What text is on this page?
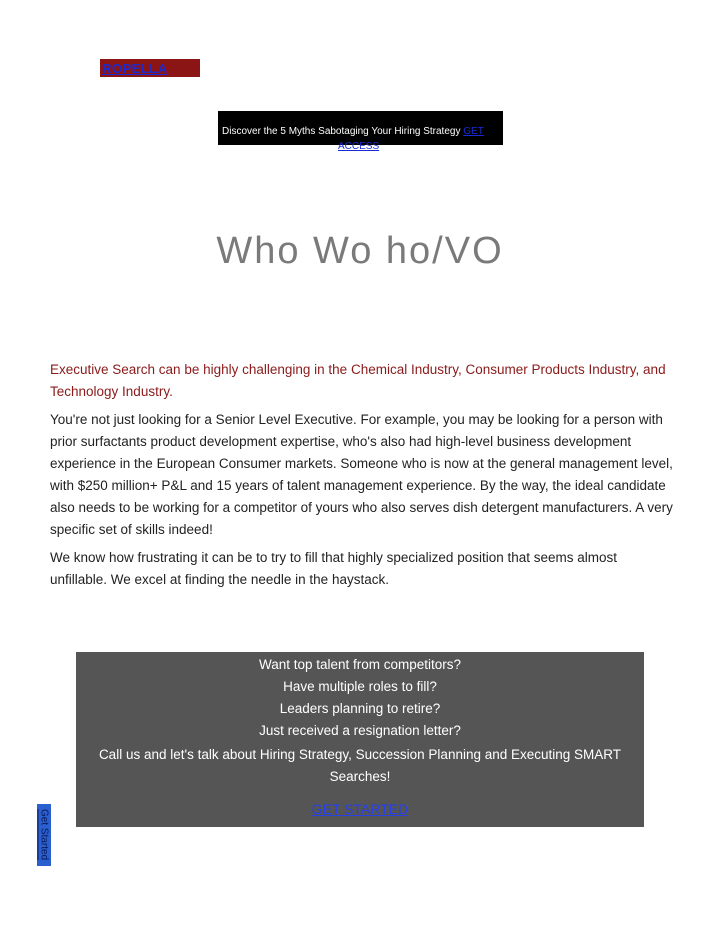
ROPELLA
Discover the 5 Myths Sabotaging Your Hiring Strategy GET
ACCESS
Who Wo ho/VO

Executive Search can be highly challenging in the Chemical Industry, Consumer Products Industry, and Technology Industry.

You're not just looking for a Senior Level Executive. For example, you may be looking for a person with prior surfactants product development expertise, who's also had high-level business development experience in the European Consumer markets. Someone who is now at the general management level, with $250 million+ P&L and 15 years of talent management experience. By the way, the ideal candidate also needs to be working for a competitor of yours who also serves dish detergent manufacturers. A very specific set of skills indeed!

We know how frustrating it can be to try to fill that highly specialized position that seems almost unfillable. We excel at finding the needle in the haystack.

Want top talent from competitors?
Have multiple roles to fill?
Leaders planning to retire?
Just received a resignation letter?
Call us and let's talk about Hiring Strategy, Succession Planning and Executing SMART Searches!
GET STARTED
Get Started
